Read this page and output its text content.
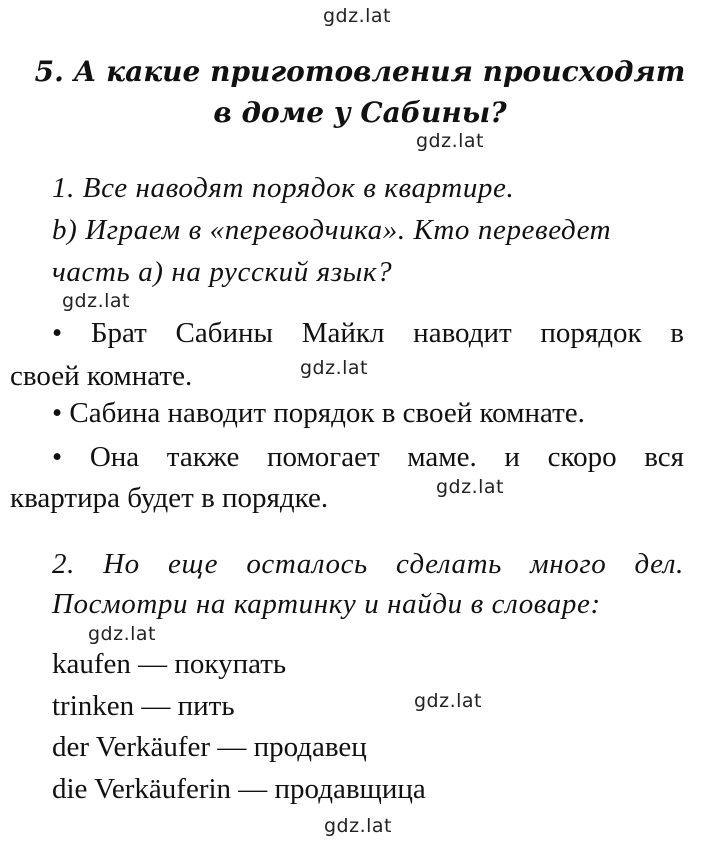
gdz.lat
gdz.lat
gdz.lat
gdz.lat
gdz.lat
gdz.lat
gdz.lat
gdz.lat
5. А какие приготовления происходят
в доме у Сабины?
1. Все наводят порядок в квартире.
b) Играем в «переводчика». Кто переведет
часть а) на русский язык?
• Брат Сабины Майкл наводит порядок в
своей комнате.
• Сабина наводит порядок в своей комнате.
• Она также помогает маме. и скоро вся
квартира будет в порядке.
2. Но еще осталось сделать много дел.
Посмотри на картинку и найди в словаре:
kaufen — покупать
trinken — пить
der Verkäufer — продавец
die Verkäuferin — продавщица
